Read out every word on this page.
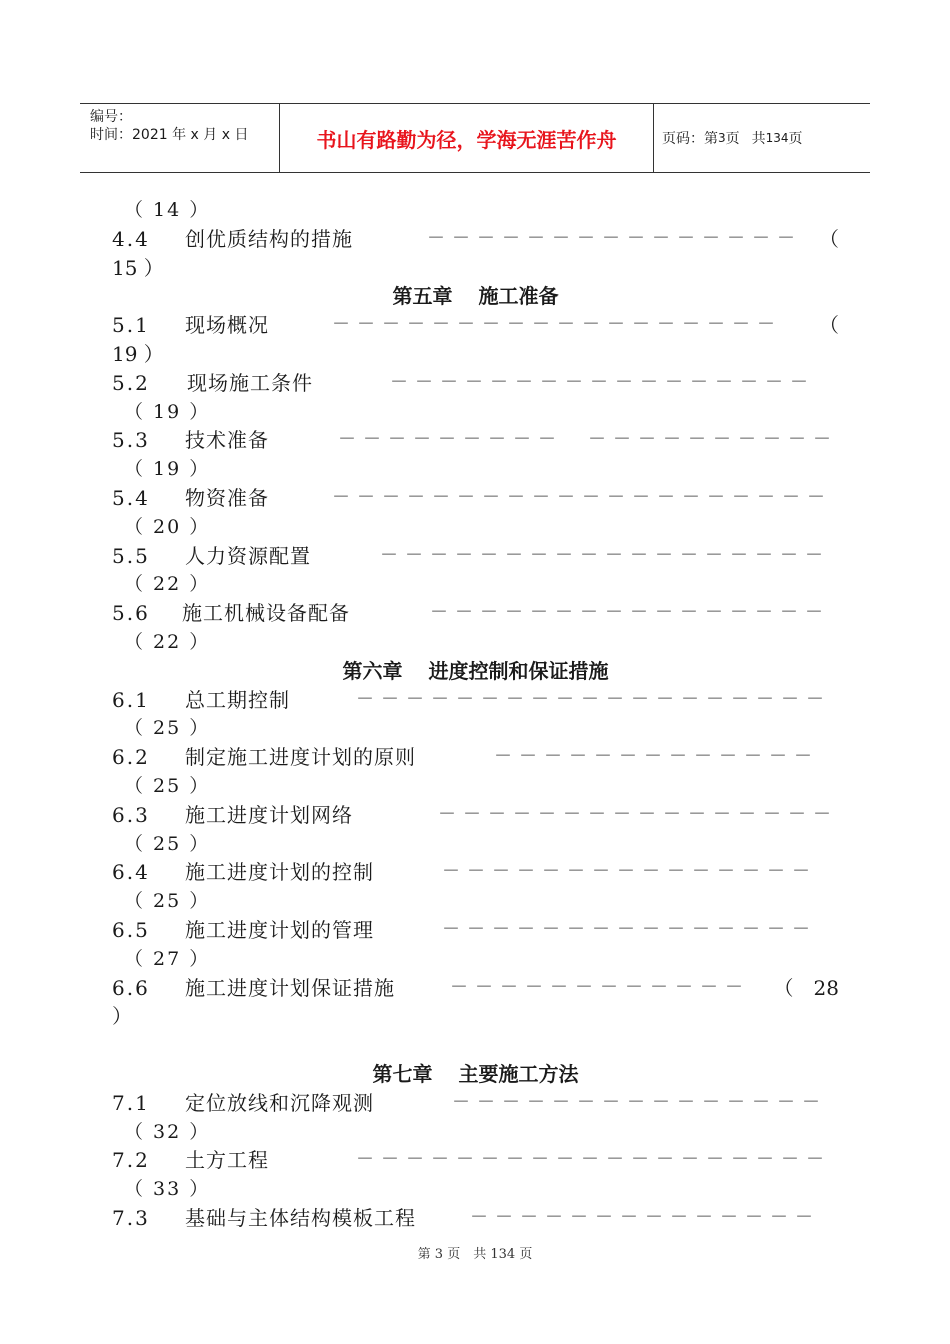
编号：
时间：2021 年 x 月 x 日	书山有路勤为径，学海无涯苦作舟	页码：第 3 页 共 134 页
（ 14 ）
4.4 创优质结构的措施	－－－－－－－－－－－－－－－ （
15 ）
第五章 施工准备
5.1 现场概况	－－－－－－－－－－－－－－－－－－ （
19 ）
5.2 现场施工条件	－－－－－－－－－－－－－－－－－
（ 19 ）
5.3 技术准备	－－－－－－－－－　－－－－－－－－－－
（ 19 ）
5.4 物资准备	－－－－－－－－－－－－－－－－－－－－
（ 20 ）
5.5 人力资源配置	－－－－－－－－－－－－－－－－－－
（ 22 ）
5.6 施工机械设备配备	－－－－－－－－－－－－－－－－
（ 22 ）
第六章 进度控制和保证措施
6.1 总工期控制	－－－－－－－－－－－－－－－－－－－
（ 25 ）
6.2 制定施工进度计划的原则	－－－－－－－－－－－－－
（ 25 ）
6.3 施工进度计划网络	－－－－－－－－－－－－－－－－
（ 25 ）
6.4 施工进度计划的控制	－－－－－－－－－－－－－－－
（ 25 ）
6.5 施工进度计划的管理	－－－－－－－－－－－－－－－
（ 27 ）
6.6 施工进度计划保证措施	－－－－－－－－－－－－ （　28
）
第七章 主要施工方法
7.1 定位放线和沉降观测	－－－－－－－－－－－－－－－
（ 32 ）
7.2 土方工程	－－－－－－－－－－－－－－－－－－－
（ 33 ）
7.3 基础与主体结构模板工程	－－－－－－－－－－－－－－
第 3 页　共 134 页
